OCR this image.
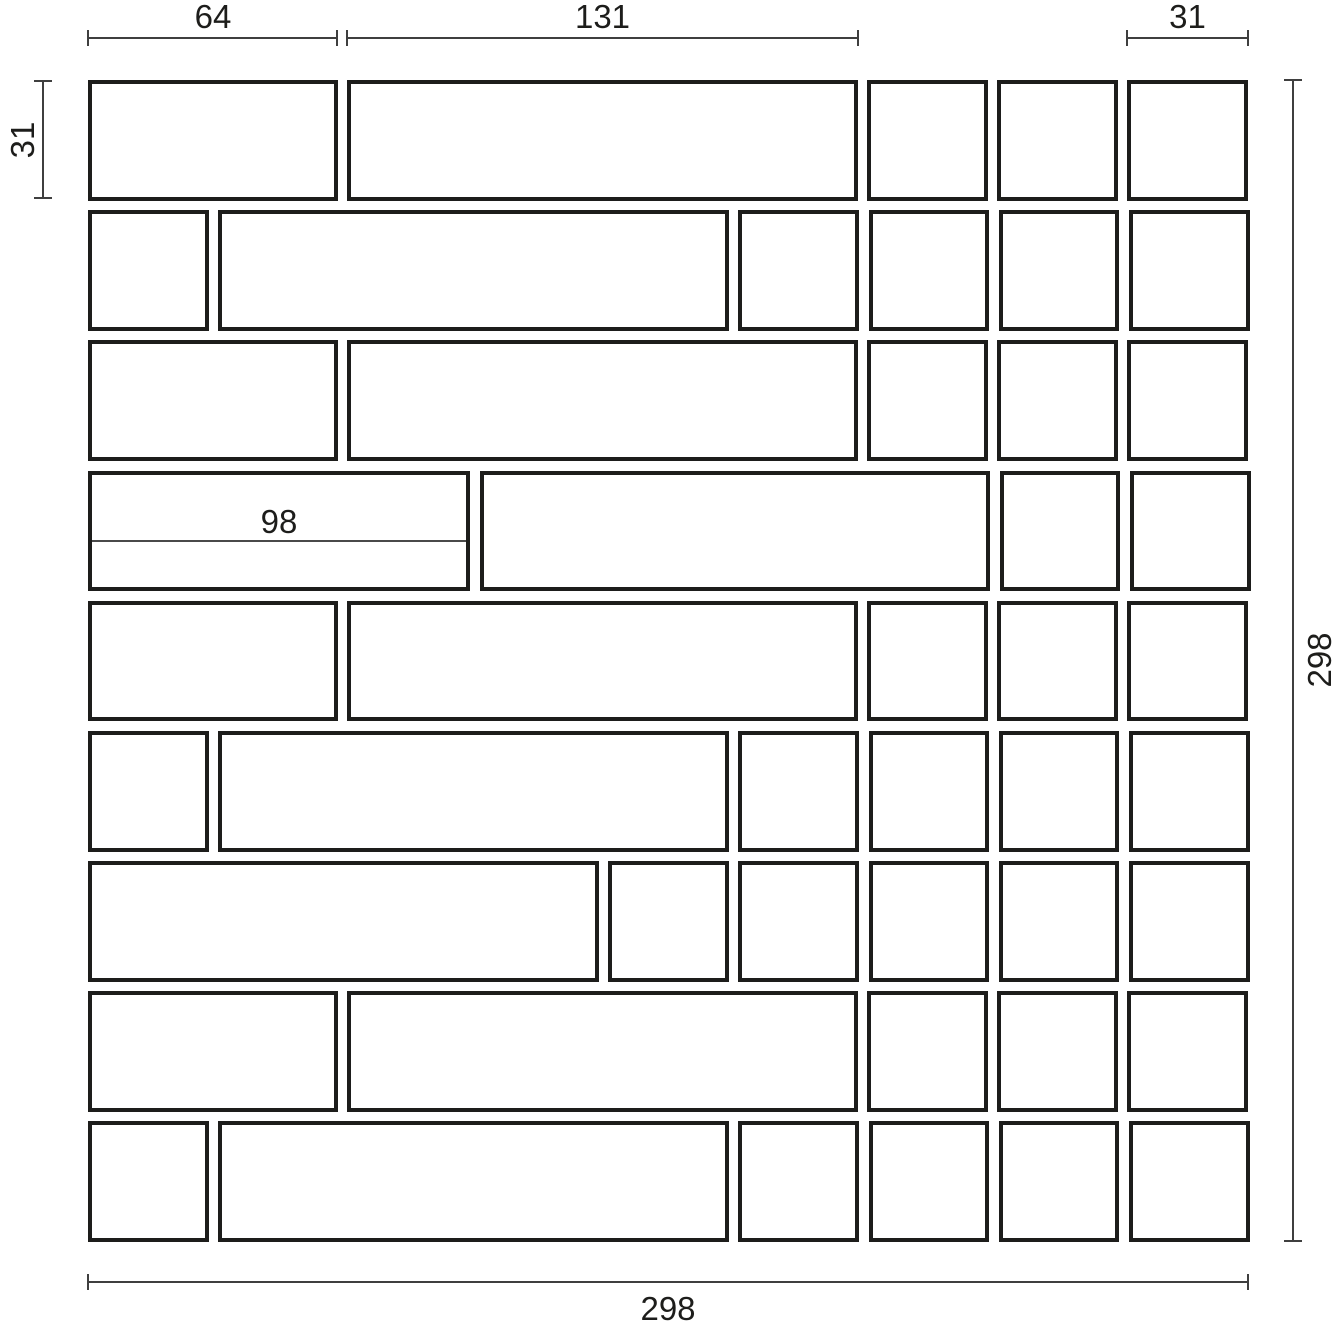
64	131	31
31
298
298
98
